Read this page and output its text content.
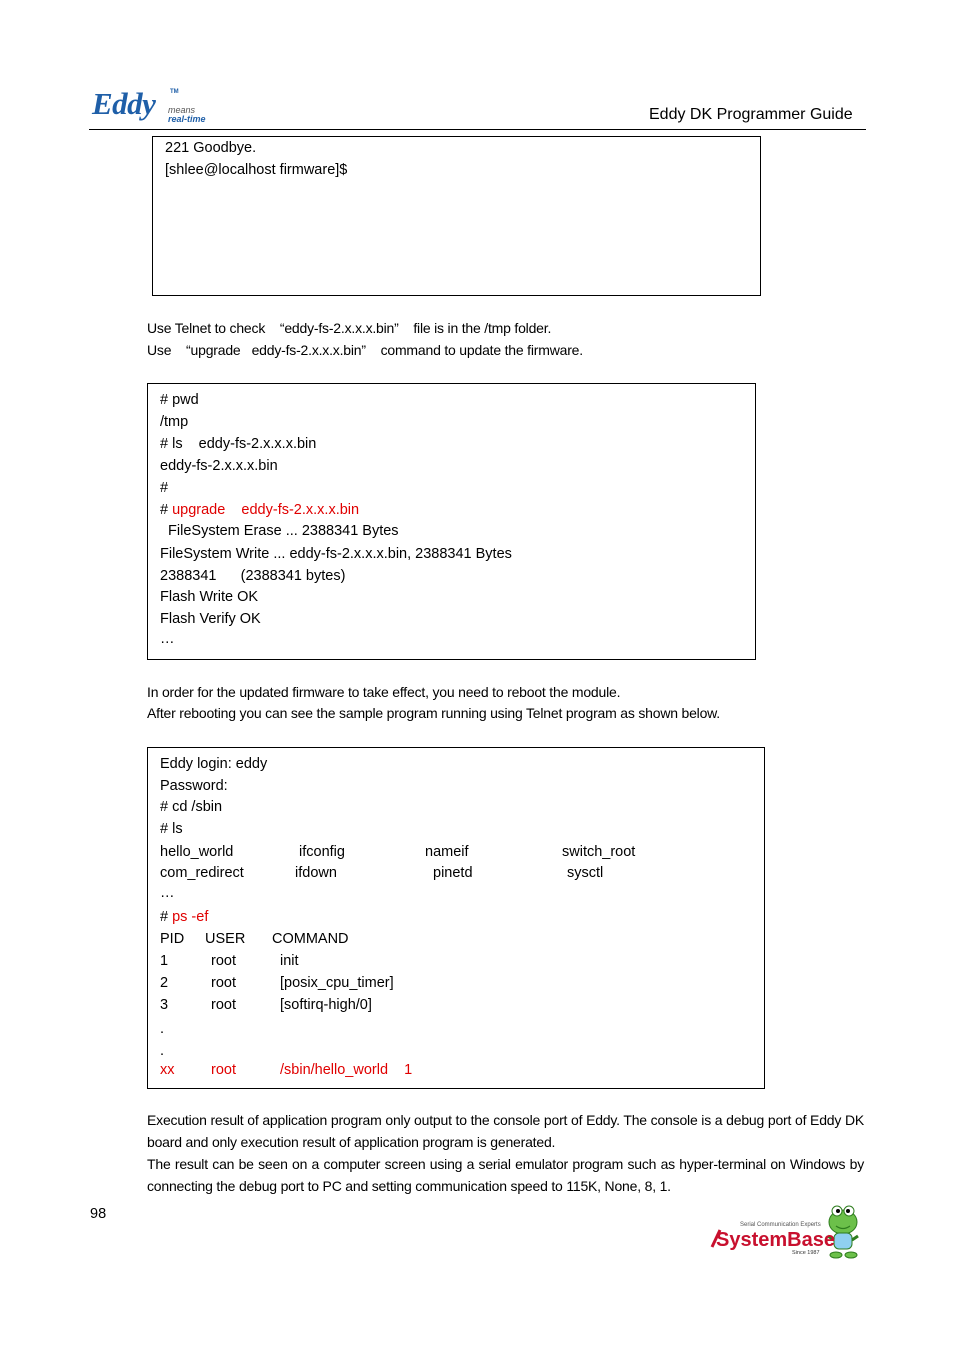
Eddy TM
means
real-time	Eddy DK Programmer Guide
221 Goodbye.
[shlee@localhost firmware]$
Use Telnet to check    “eddy-fs-2.x.x.x.bin”    file is in the /tmp folder.
Use    “upgrade   eddy-fs-2.x.x.x.bin”    command to update the firmware.
# pwd
/tmp
# ls    eddy-fs-2.x.x.x.bin
eddy-fs-2.x.x.x.bin
#
# upgrade    eddy-fs-2.x.x.x.bin
FileSystem Erase ... 2388341 Bytes
FileSystem Write ... eddy-fs-2.x.x.x.bin, 2388341 Bytes
2388341      (2388341 bytes)
Flash Write OK
Flash Verify OK
…
In order for the updated firmware to take effect, you need to reboot the module.
After rebooting you can see the sample program running using Telnet program as shown below.
Eddy login: eddy
Password:
# cd /sbin
# ls
hello_world	ifconfig	nameif	switch_root
com_redirect	ifdown	pinetd	sysctl
…
# ps -ef
PID USER COMMAND
1	root	init
2	root	[posix_cpu_timer]
3	root	[softirq-high/0]
.
.
xx	root	/sbin/hello_world    1
Execution result of application program only output to the console port of Eddy. The console is a debug port of Eddy DK board and only execution result of application program is generated.
The result can be seen on a computer screen using a serial emulator program such as hyper-terminal on Windows by connecting the debug port to PC and setting communication speed to 115K, None, 8, 1.
98
Serial Communication Experts
SystemBase
Since 1987
